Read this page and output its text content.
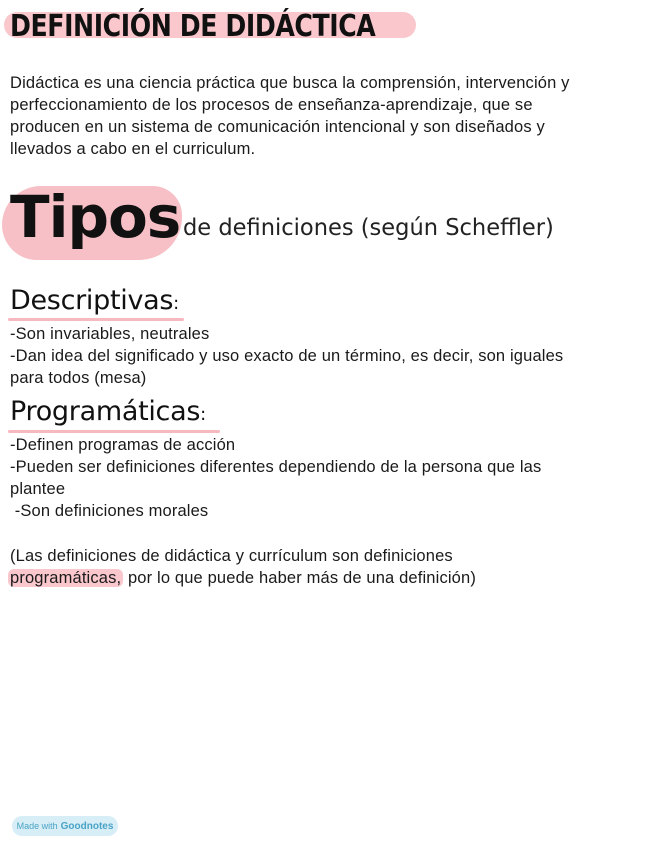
DEFINICIÓN DE DIDÁCTICA

Didáctica es una ciencia práctica que busca la comprensión, intervención y
perfeccionamiento de los procesos de enseñanza-aprendizaje, que se
producen en un sistema de comunicación intencional y son diseñados y
llevados a cabo en el curriculum.

Tipos de definiciones (según Scheffler)
Descriptivas:

-Son invariables, neutrales
-Dan idea del significado y uso exacto de un término, es decir, son iguales
para todos (mesa)

Programáticas:

-Definen programas de acción
-Pueden ser definiciones diferentes dependiendo de la persona que las
plantee
-Son definiciones morales

(Las definiciones de didáctica y currículum son definiciones
programáticas, por lo que puede haber más de una definición)

Made with Goodnotes
